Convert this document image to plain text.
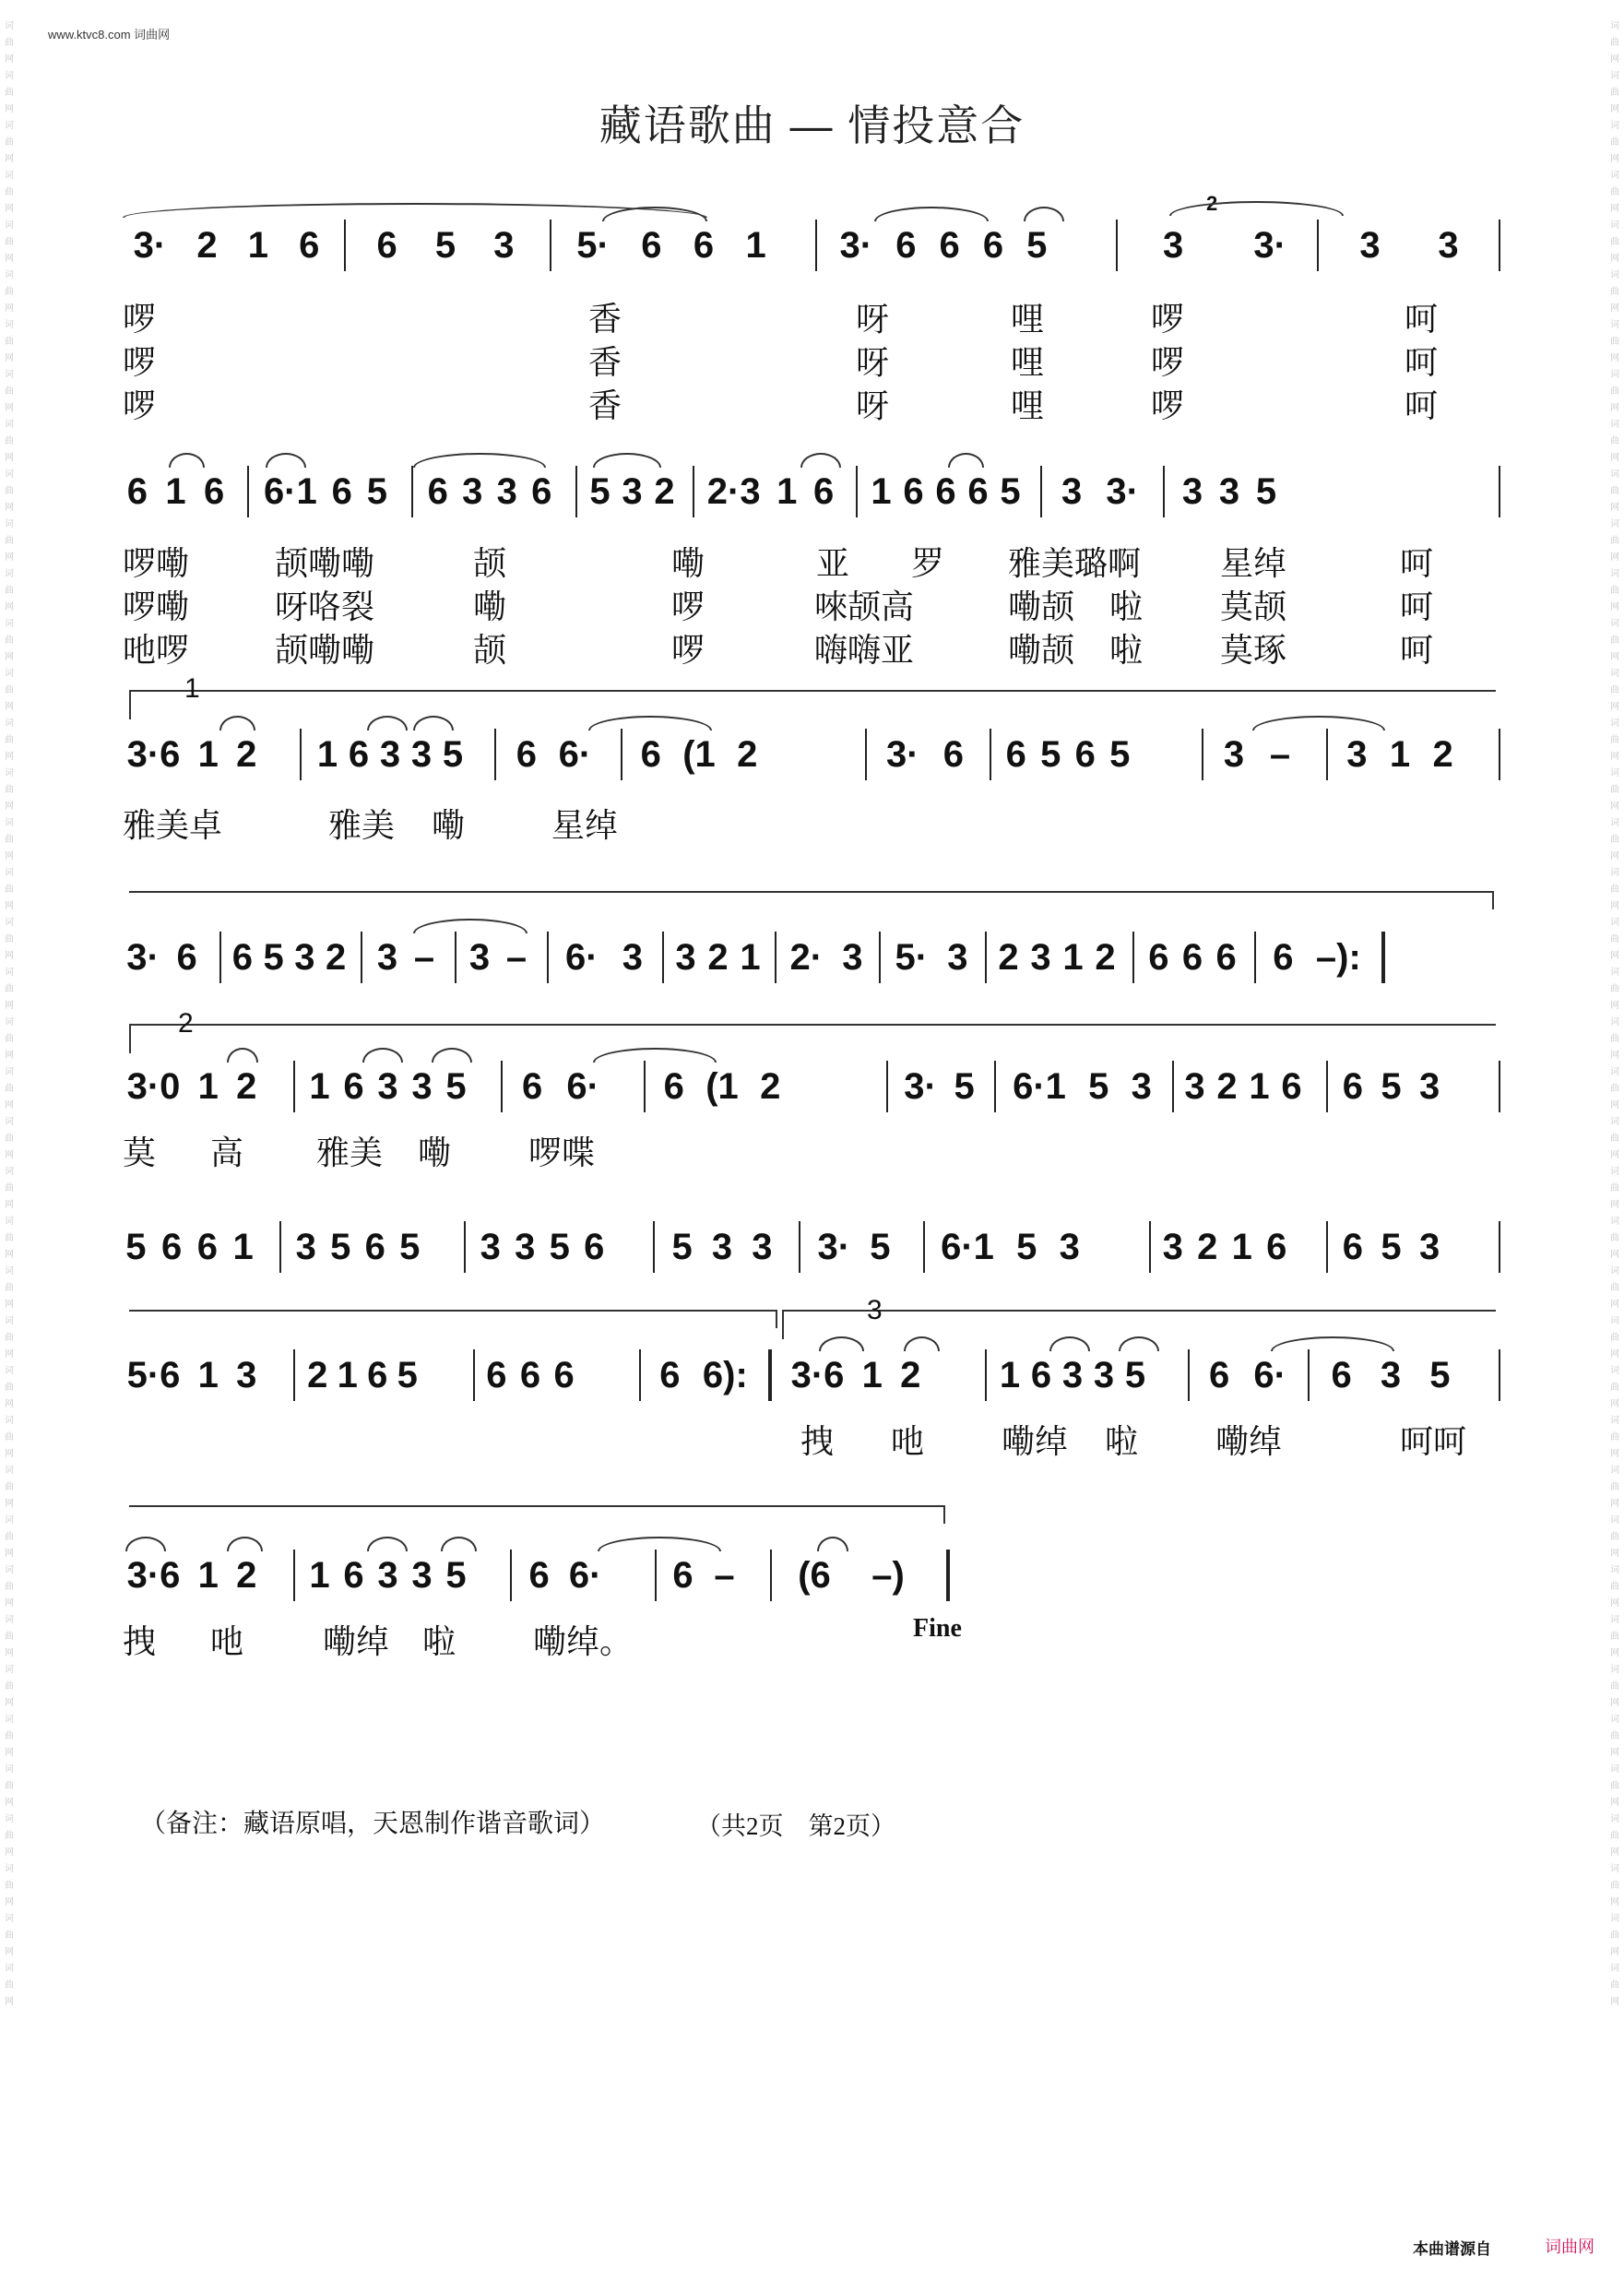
www.ktvc8.com 词曲网
词曲网词曲网词曲网词曲网词曲网词曲网词曲网词曲网词曲网词曲网词曲网词曲网词曲网词曲网词曲网词曲网词曲网词曲网词曲网词曲网词曲网词曲网词曲网词曲网词曲网词曲网词曲网词曲网词曲网词曲网词曲网词曲网词曲网词曲网词曲网词曲网词曲网词曲网词曲网词曲网
词曲网词曲网词曲网词曲网词曲网词曲网词曲网词曲网词曲网词曲网词曲网词曲网词曲网词曲网词曲网词曲网词曲网词曲网词曲网词曲网词曲网词曲网词曲网词曲网词曲网词曲网词曲网词曲网词曲网词曲网词曲网词曲网词曲网词曲网词曲网词曲网词曲网词曲网词曲网词曲网
藏语歌曲 — 情投意合
3· 2 1 6 6 5 3 5· 6 6 1 3· 6 6 6 5	3 3· 3 3
2
啰	香	呀	哩	啰	呵
啰	香	呀	哩	啰	呵
啰	香	呀	哩	啰	呵
6 1 6 6·1 6 5 6 3 3 6 5 3 2 2·3 1 6 1 6 6 6 5 3 3· 3 3 5
啰嘞	颉嘞嘞	颉	嘞	亚 罗 雅美璐啊 星绰	呵
啰嘞	呀咯裂	嘞	啰	唻颉高	嘞颉 啦 莫颉	呵
吔啰	颉嘞嘞	颉	啰	嗨嗨亚	嘞颉 啦 莫琢	呵
1
3·6 1 2 1 6 3 3 5 6 6· 6 (1 2	3· 6 6 5 6 5	3 – 3 1 2
雅美卓	雅美 嘞	星绰
3· 6 6 5 3 2 3 – 3 – 6· 3 3 2 1 2· 3 5· 3 2 3 1 2 6 6 6 6 –):
2
3·0 1 2 1 6 3 3 5 6 6· 6 (1 2	3· 5 6·1 5 3 3 2 1 6 6 5 3
莫 高 雅美 嘞 啰喋
5 6 6 1 3 5 6 5 3 3 5 6 5 3 3 3· 5 6·1 5 3 3 2 1 6 6 5 3
3
5·6 1 3 2 1 6 5 6 6 6 6 6): 3·6 1 2 1 6 3 3 5 6 6· 6 3 5
拽 吔 嘞绰 啦 嘞绰	呵呵
3·6 1 2 1 6 3 3 5 6 6· 6 – (6 –)
拽 吔 嘞绰 啦 嘞绰。	Fine
（备注：藏语原唱，天恩制作谐音歌词）	（共2页　第2页）
本曲谱源自	词曲网
